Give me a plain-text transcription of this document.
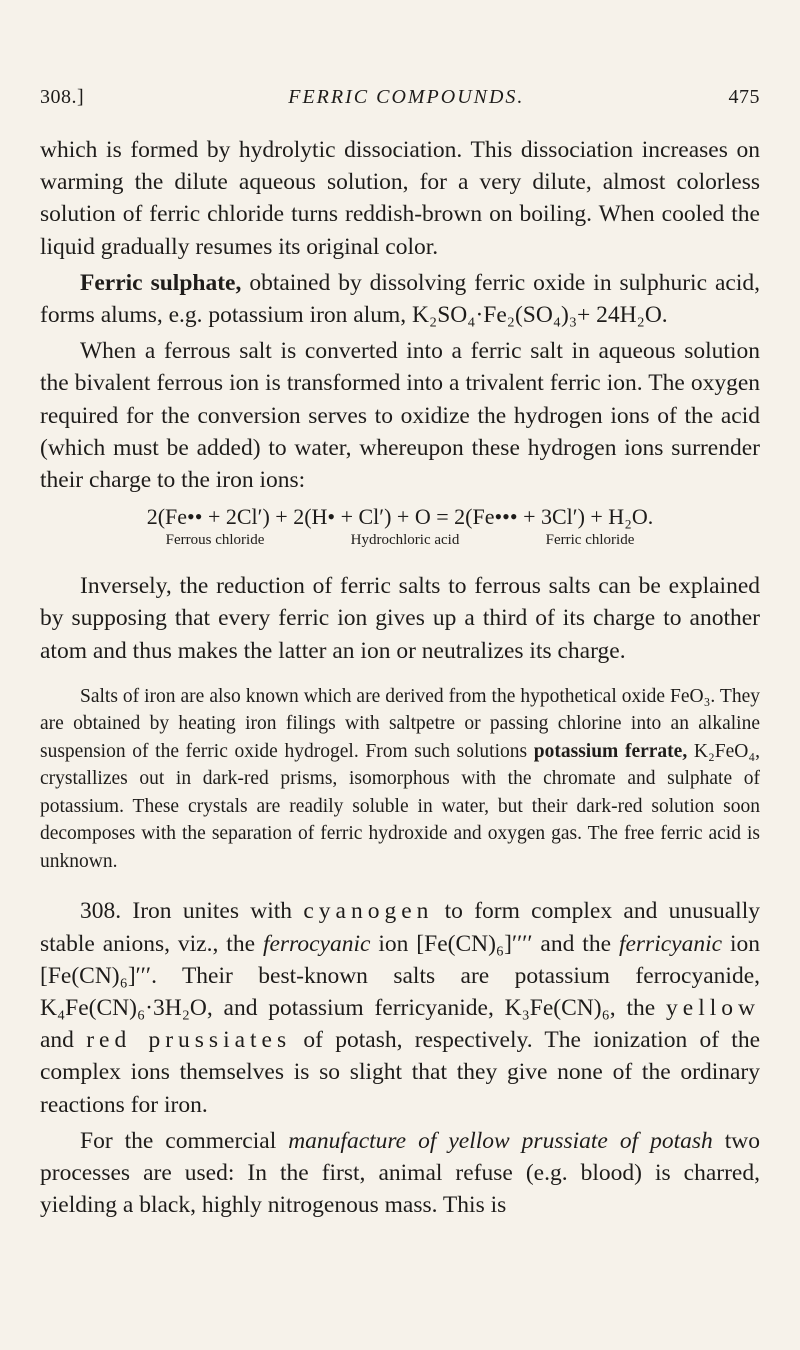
308.]	FERRIC COMPOUNDS.	475

which is formed by hydrolytic dissociation. This dissociation increases on warming the dilute aqueous solution, for a very dilute, almost colorless solution of ferric chloride turns reddish-brown on boiling. When cooled the liquid gradually resumes its original color.

Ferric sulphate, obtained by dissolving ferric oxide in sulphuric acid, forms alums, e.g. potassium iron alum, K₂SO₄·Fe₂(SO₄)₃+ 24H₂O.

When a ferrous salt is converted into a ferric salt in aqueous solution the bivalent ferrous ion is transformed into a trivalent ferric ion. The oxygen required for the conversion serves to oxidize the hydrogen ions of the acid (which must be added) to water, whereupon these hydrogen ions surrender their charge to the iron ions:

2(Fe•• + 2Cl′) + 2(H• + Cl′) + O = 2(Fe••• + 3Cl′) + H₂O.
Ferrous chloride	Hydrochloric acid	Ferric chloride

Inversely, the reduction of ferric salts to ferrous salts can be explained by supposing that every ferric ion gives up a third of its charge to another atom and thus makes the latter an ion or neutralizes its charge.

Salts of iron are also known which are derived from the hypothetical oxide FeO₃. They are obtained by heating iron filings with saltpetre or passing chlorine into an alkaline suspension of the ferric oxide hydrogel. From such solutions potassium ferrate, K₂FeO₄, crystallizes out in dark-red prisms, isomorphous with the chromate and sulphate of potassium. These crystals are readily soluble in water, but their dark-red solution soon decomposes with the separation of ferric hydroxide and oxygen gas. The free ferric acid is unknown.

308. Iron unites with cyanogen to form complex and unusually stable anions, viz., the ferrocyanic ion [Fe(CN)₆]′′′′ and the ferricyanic ion [Fe(CN)₆]′′′. Their best-known salts are potassium ferrocyanide, K₄Fe(CN)₆·3H₂O, and potassium ferricyanide, K₃Fe(CN)₆, the yellow and red prussiates of potash, respectively. The ionization of the complex ions themselves is so slight that they give none of the ordinary reactions for iron.

For the commercial manufacture of yellow prussiate of potash two processes are used: In the first, animal refuse (e.g. blood) is charred, yielding a black, highly nitrogenous mass. This is
